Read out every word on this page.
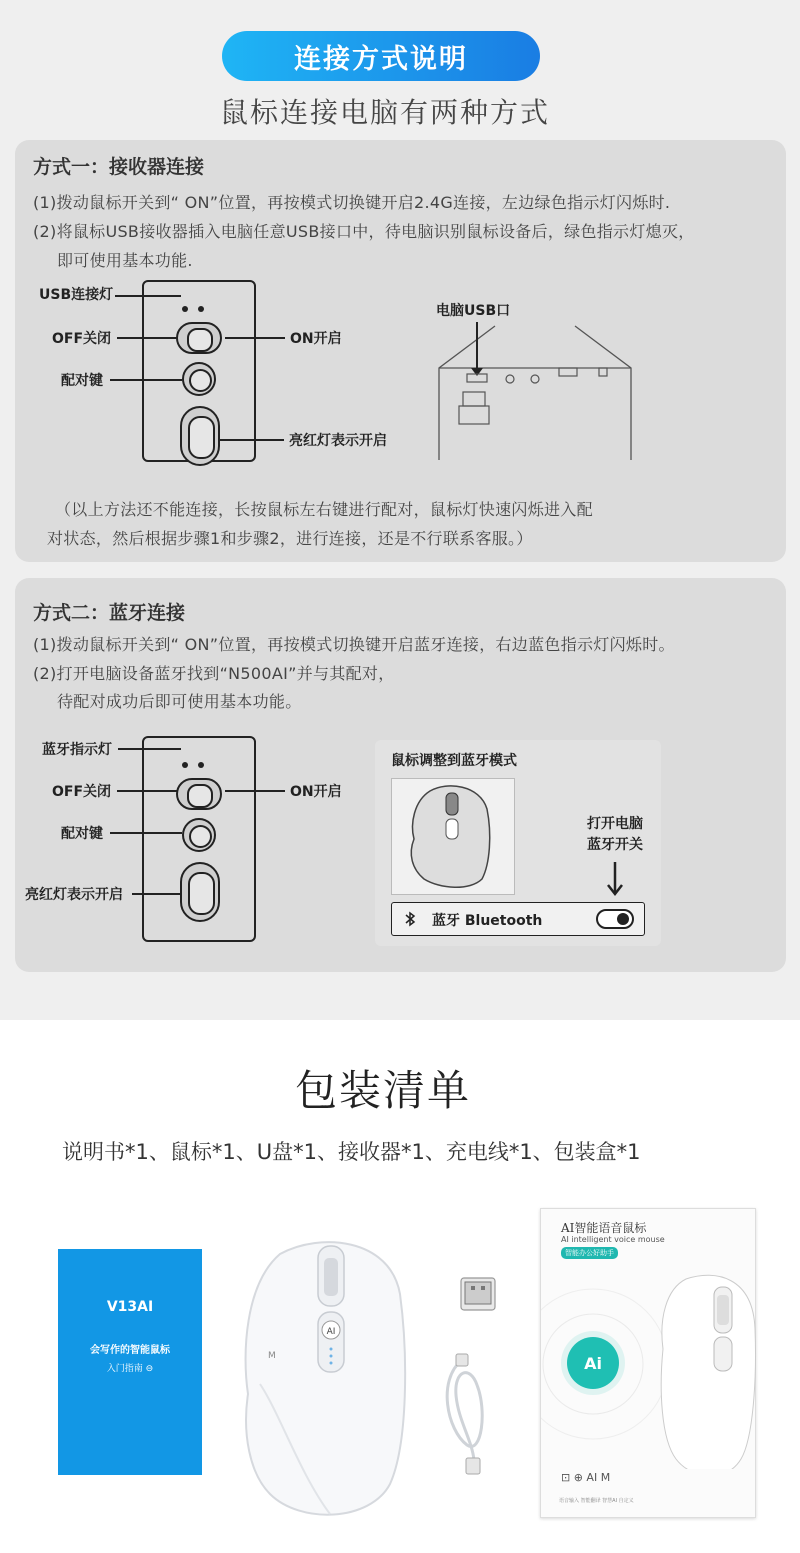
连接方式说明
鼠标连接电脑有两种方式
方式一：接收器连接
(1)拨动鼠标开关到“ ON”位置，再按模式切换键开启2.4G连接，左边绿色指示灯闪烁时.
(2)将鼠标USB接收器插入电脑任意USB接口中，待电脑识别鼠标设备后，绿色指示灯熄灭，
即可使用基本功能.
USB连接灯
OFF关闭	ON开启
配对键
亮红灯表示开启
电脑USB口
（以上方法还不能连接，长按鼠标左右键进行配对，鼠标灯快速闪烁进入配
对状态，然后根据步骤1和步骤2，进行连接，还是不行联系客服。）
方式二：蓝牙连接
(1)拨动鼠标开关到“ ON”位置，再按模式切换键开启蓝牙连接，右边蓝色指示灯闪烁时。
(2)打开电脑设备蓝牙找到“N500AI”并与其配对，
待配对成功后即可使用基本功能。
蓝牙指示灯
OFF关闭	ON开启
配对键
亮红灯表示开启
鼠标调整到蓝牙模式
打开电脑
蓝牙开关
蓝牙 Bluetooth
包装清单
说明书*1、鼠标*1、U盘*1、接收器*1、充电线*1、包装盒*1
V13AI
会写作的智能鼠标
入门指南 ⊖
AI
M
AI智能语音鼠标
AI intelligent voice mouse
智能办公好助手
Ai
⊡ ⊕ AI M
语音输入 智能翻译 智慧AI 自定义
